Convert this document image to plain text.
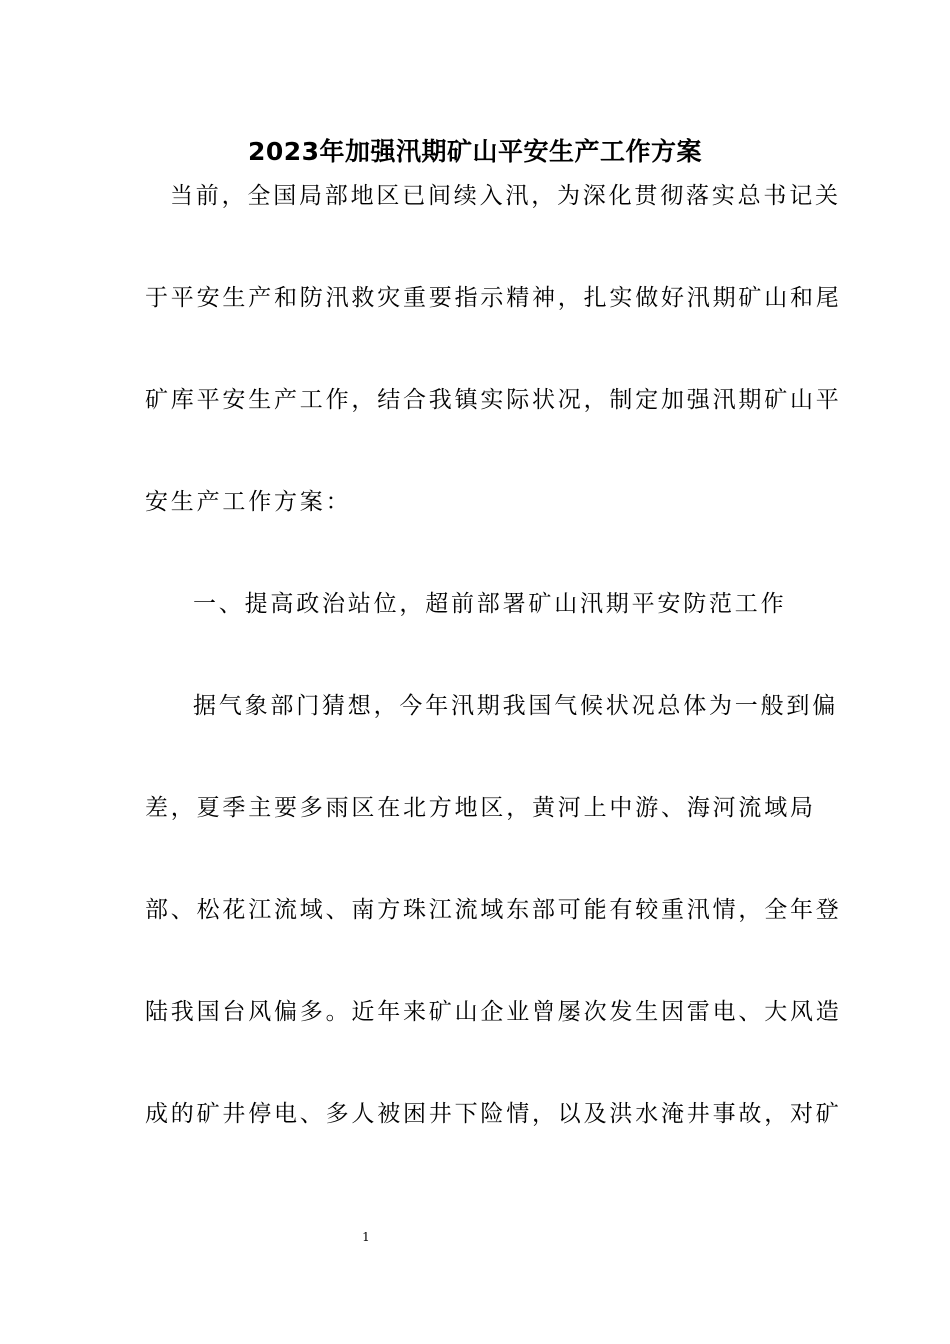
2023年加强汛期矿山平安生产工作方案
当前，全国局部地区已间续入汛，为深化贯彻落实总书记关
于平安生产和防汛救灾重要指示精神，扎实做好汛期矿山和尾
矿库平安生产工作，结合我镇实际状况，制定加强汛期矿山平
安生产工作方案：
一、提高政治站位，超前部署矿山汛期平安防范工作
据气象部门猜想，今年汛期我国气候状况总体为一般到偏
差，夏季主要多雨区在北方地区，黄河上中游、海河流域局
部、松花江流域、南方珠江流域东部可能有较重汛情，全年登
陆我国台风偏多。近年来矿山企业曾屡次发生因雷电、大风造
成的矿井停电、多人被困井下险情，以及洪水淹井事故，对矿
1
